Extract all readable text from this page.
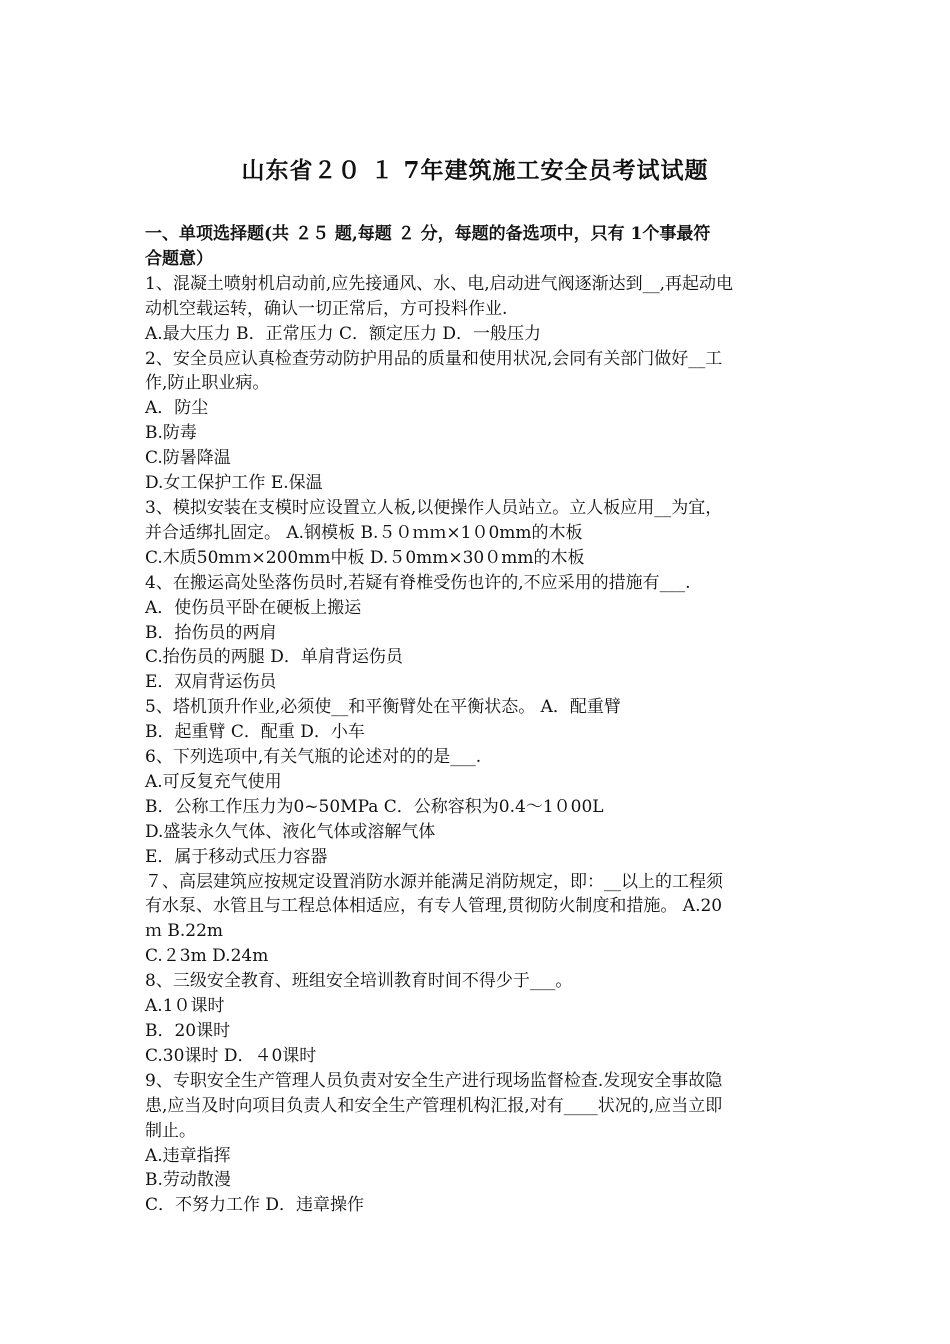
山东省２０ １ 7年建筑施工安全员考试试题
一、单项选择题(共 ２５ 题,每题 ２ 分，每题的备选项中，只有 1个事最符
合题意）
1、混凝土喷射机启动前,应先接通风、水、电,启动进气阀逐渐达到__,再起动电
动机空载运转，确认一切正常后，方可投料作业.
A.最大压力 B．正常压力 C．额定压力 D．一般压力
2、安全员应认真检查劳动防护用品的质量和使用状况,会同有关部门做好__工
作,防止职业病。
A．防尘
B.防毒
C.防暑降温
D.女工保护工作 E.保温
3、模拟安装在支模时应设置立人板,以便操作人员站立。立人板应用__为宜，
并合适绑扎固定。 A.钢模板 B.５０ｍｍ×1０0mm的木板
C.木质50mｍ×200mm中板 D.５0mm×30０mm的木板
4、在搬运高处坠落伤员时,若疑有脊椎受伤也许的,不应采用的措施有___.
A．使伤员平卧在硬板上搬运
B．抬伤员的两肩
C.抬伤员的两腿 D．单肩背运伤员
E．双肩背运伤员
5、塔机顶升作业,必须使__和平衡臂处在平衡状态。 A．配重臂
B．起重臂 C．配重 D．小车
6、下列选项中,有关气瓶的论述对的的是___.
A.可反复充气使用
B．公称工作压力为0~50MPa C．公称容积为0.4～1０00L
D.盛装永久气体、液化气体或溶解气体
E．属于移动式压力容器
７、高层建筑应按规定设置消防水源并能满足消防规定，即：__以上的工程须
有水泵、水管且与工程总体相适应，有专人管理,贯彻防火制度和措施。 A.20
ｍ B.22m
C.２3m D.24m
8、三级安全教育、班组安全培训教育时间不得少于___。
A.1０课时
B．20课时
C.30课时 D．４0课时
9、专职安全生产管理人员负责对安全生产进行现场监督检查.发现安全事故隐
患,应当及时向项目负责人和安全生产管理机构汇报,对有____状况的,应当立即
制止。
A.违章指挥
B.劳动散漫
C．不努力工作 D．违章操作
